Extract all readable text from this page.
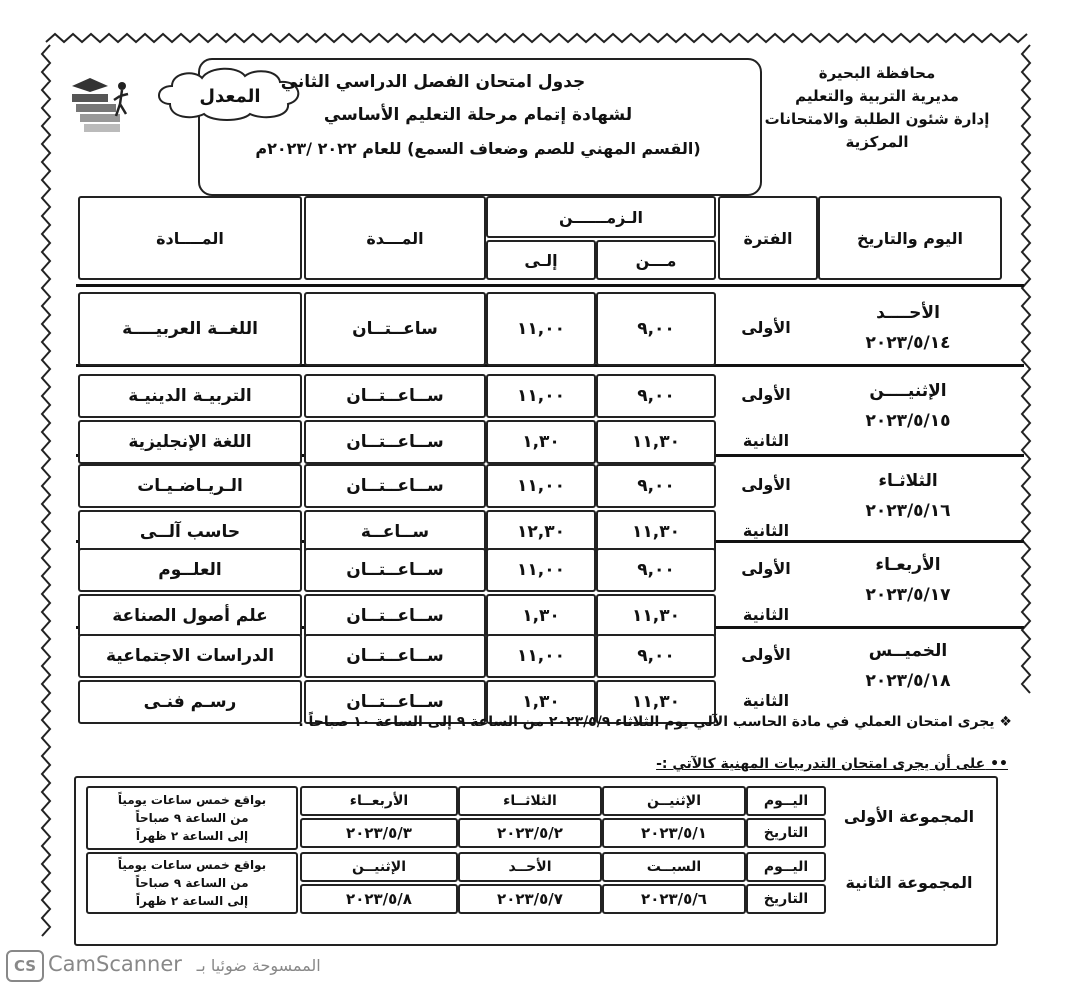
محافظة البحيرة
مديرية التربية والتعليم
إدارة شئون الطلبة والامتحانات
المركزية
المعدل
جدول امتحان الفصل الدراسي الثاني
لشهادة إتمام مرحلة التعليم الأساسي
(القسم المهني للصم وضعاف السمع) للعام ٢٠٢٢ /٢٠٢٣م
اليوم والتاريخ
الفترة
الـزمــــــن
مـــن
إلـى
المـــدة
المــــادة
الأحــــد
٢٠٢٣/٥/١٤
الأولى
٩,٠٠
١١,٠٠
ساعــتــان
اللغــة العربيــــة
الإثنيــــن
٢٠٢٣/٥/١٥
الأولى
٩,٠٠
١١,٠٠
ســاعــتــان
التربيـة الدينيـة
الثانية
١١,٣٠
١,٣٠
ســاعــتــان
اللغة الإنجليزية
الثلاثـاء
٢٠٢٣/٥/١٦
الأولى
٩,٠٠
١١,٠٠
ســاعــتــان
الـريـاضـيـات
الثانية
١١,٣٠
١٢,٣٠
ســاعــة
حاسب آلــى
الأربعـاء
٢٠٢٣/٥/١٧
الأولى
٩,٠٠
١١,٠٠
ســاعــتــان
العلــوم
الثانية
١١,٣٠
١,٣٠
ســاعــتــان
علم أصول الصناعة
الخميــس
٢٠٢٣/٥/١٨
الأولى
٩,٠٠
١١,٠٠
ســاعــتــان
الدراسات الاجتماعية
الثانية
١١,٣٠
١,٣٠
ســاعــتــان
رسـم فنـى
❖ يجرى امتحان العملي في مادة الحاسب الآلي يوم الثلاثاء ٢٠٢٣/٥/٩ من الساعة ٩ إلى الساعة ١٠ صباحاً .
•• على أن يجرى امتحان التدريبات المهنية كالآتي :-
المجموعة الأولى
اليــوم
التاريخ
الإثنيــن
٢٠٢٣/٥/١
الثلاثــاء
٢٠٢٣/٥/٢
الأربعــاء
٢٠٢٣/٥/٣
بواقع خمس ساعات يومياً
من الساعة ٩ صباحاً
إلى الساعة ٢ ظهراً
المجموعة الثانية
اليــوم
التاريخ
السبــت
٢٠٢٣/٥/٦
الأحــد
٢٠٢٣/٥/٧
الإثنيــن
٢٠٢٣/٥/٨
بواقع خمس ساعات يومياً
من الساعة ٩ صباحاً
إلى الساعة ٢ ظهراً
CS CamScanner الممسوحة ضوئيا بـ
